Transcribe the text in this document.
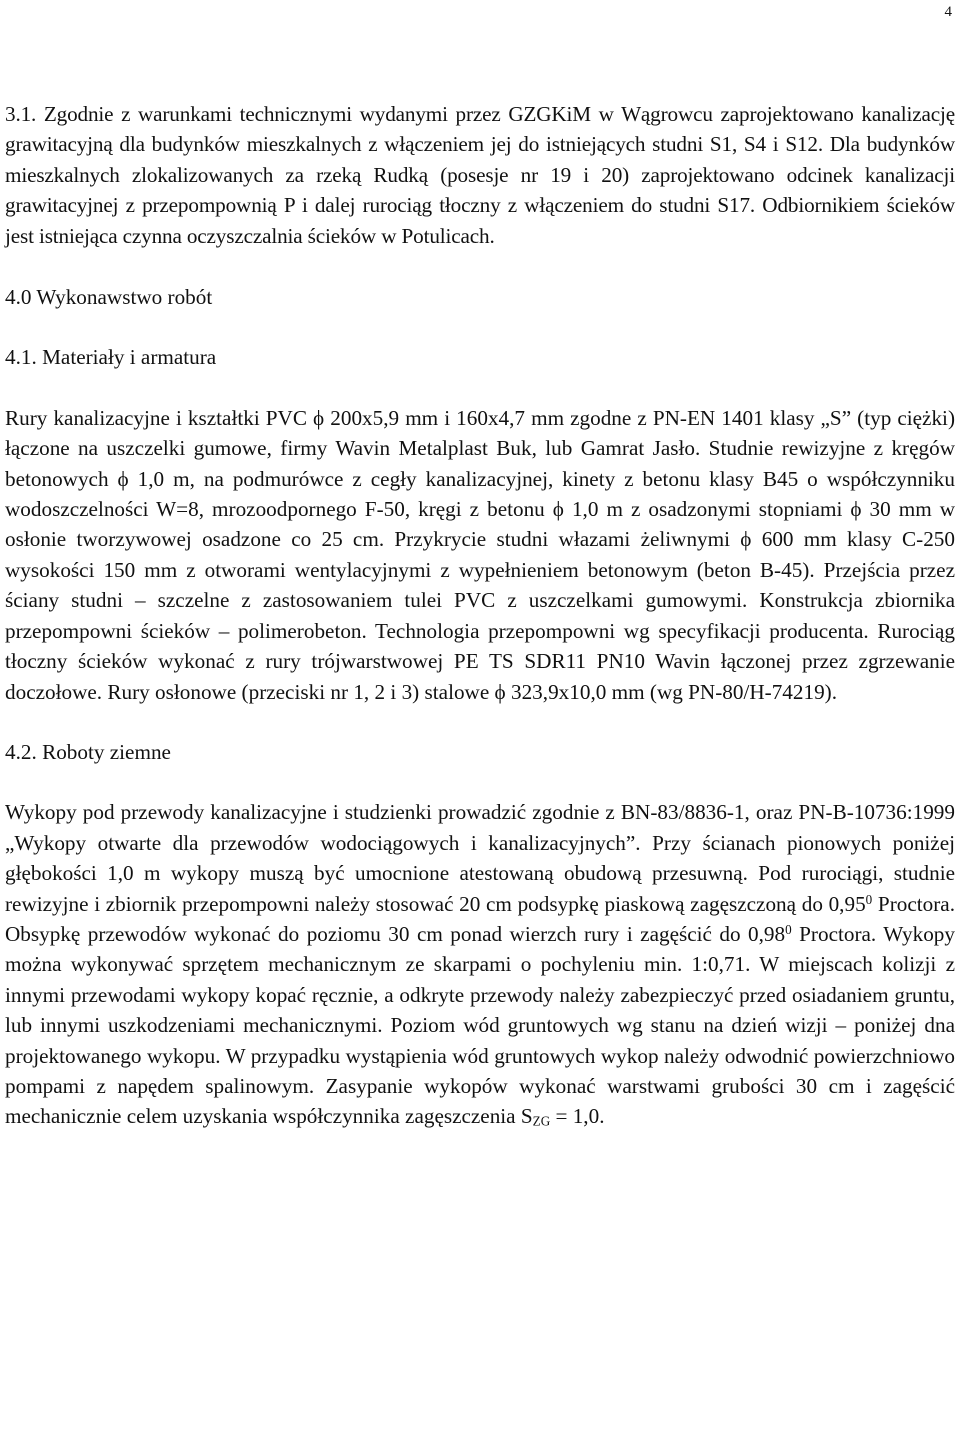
4

3.1. Zgodnie z warunkami technicznymi wydanymi przez GZGKiM w Wągrowcu zaprojektowano kanalizację grawitacyjną dla budynków mieszkalnych z włączeniem jej do istniejących studni S1, S4 i S12. Dla budynków mieszkalnych zlokalizowanych za rzeką Rudką (posesje nr 19 i 20) zaprojektowano odcinek kanalizacji grawitacyjnej z przepompownią P i dalej rurociąg tłoczny z włączeniem do studni S17. Odbiornikiem ścieków jest istniejąca czynna oczyszczalnia ścieków w Potulicach.

4.0 Wykonawstwo robót

4.1. Materiały i armatura

Rury kanalizacyjne i kształtki PVC ϕ 200x5,9 mm i 160x4,7 mm zgodne z PN-EN 1401 klasy „S” (typ ciężki) łączone na uszczelki gumowe, firmy Wavin Metalplast Buk, lub Gamrat Jasło. Studnie rewizyjne z kręgów betonowych ϕ 1,0 m, na podmurówce z cegły kanalizacyjnej, kinety z betonu klasy B45 o współczynniku wodoszczelności W=8, mrozoodpornego F-50, kręgi z betonu ϕ 1,0 m z osadzonymi stopniami ϕ 30 mm w osłonie tworzywowej osadzone co 25 cm. Przykrycie studni włazami żeliwnymi ϕ 600 mm klasy C-250 wysokości 150 mm z otworami wentylacyjnymi z wypełnieniem betonowym (beton B-45). Przejścia przez ściany studni – szczelne z zastosowaniem tulei PVC z uszczelkami gumowymi. Konstrukcja zbiornika przepompowni ścieków – polimerobeton. Technologia przepompowni wg specyfikacji producenta. Rurociąg tłoczny ścieków wykonać z rury trójwarstwowej PE TS SDR11 PN10 Wavin łączonej przez zgrzewanie doczołowe. Rury osłonowe (przeciski nr 1, 2 i 3) stalowe ϕ 323,9x10,0 mm (wg PN-80/H-74219).

4.2. Roboty ziemne

Wykopy pod przewody kanalizacyjne i studzienki prowadzić zgodnie z BN-83/8836-1, oraz PN-B-10736:1999 „Wykopy otwarte dla przewodów wodociągowych i kanalizacyjnych”. Przy ścianach pionowych poniżej głębokości 1,0 m wykopy muszą być umocnione atestowaną obudową przesuwną. Pod rurociągi, studnie rewizyjne i zbiornik przepompowni należy stosować 20 cm podsypkę piaskową zagęszczoną do 0,95$^0$ Proctora. Obsypkę przewodów wykonać do poziomu 30 cm ponad wierzch rury i zagęścić do 0,98$^0$ Proctora. Wykopy można wykonywać sprzętem mechanicznym ze skarpami o pochyleniu min. 1:0,71. W miejscach kolizji z innymi przewodami wykopy kopać ręcznie, a odkryte przewody należy zabezpieczyć przed osiadaniem gruntu, lub innymi uszkodzeniami mechanicznymi. Poziom wód gruntowych wg stanu na dzień wizji – poniżej dna projektowanego wykopu. W przypadku wystąpienia wód gruntowych wykop należy odwodnić powierzchniowo pompami z napędem spalinowym. Zasypanie wykopów wykonać warstwami grubości 30 cm i zagęścić mechanicznie celem uzyskania współczynnika zagęszczenia $S_{ZG} = 1,0$.
